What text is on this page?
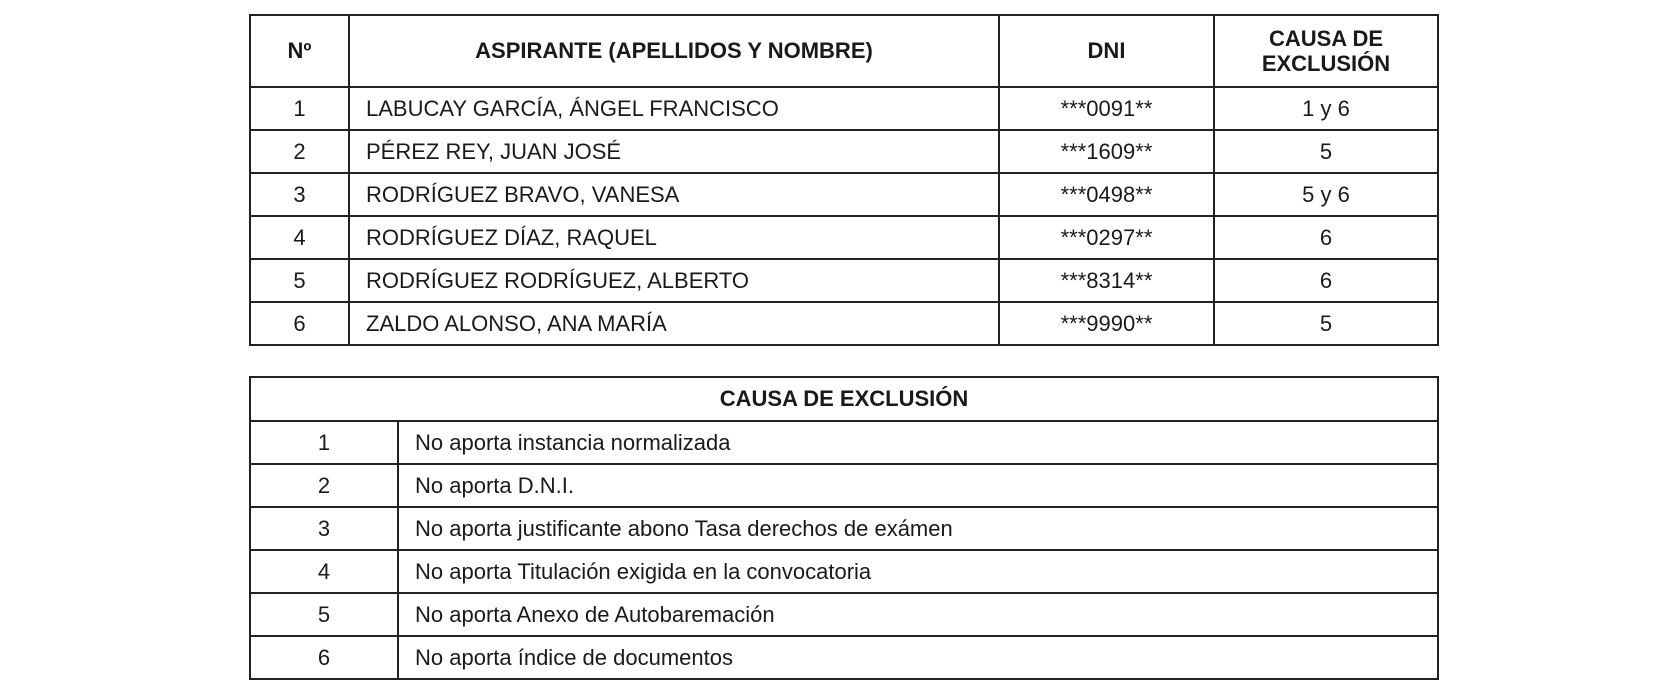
Nº	ASPIRANTE (APELLIDOS Y NOMBRE)	DNI	CAUSA DE EXCLUSIÓN
1	LABUCAY GARCÍA, ÁNGEL FRANCISCO	***0091**	1 y 6
2	PÉREZ REY, JUAN JOSÉ	***1609**	5
3	RODRÍGUEZ BRAVO, VANESA	***0498**	5 y 6
4	RODRÍGUEZ DÍAZ, RAQUEL	***0297**	6
5	RODRÍGUEZ RODRÍGUEZ, ALBERTO	***8314**	6
6	ZALDO ALONSO, ANA MARÍA	***9990**	5
CAUSA DE EXCLUSIÓN	
1	No aporta instancia normalizada
2	No aporta D.N.I.
3	No aporta justificante abono Tasa derechos de exámen
4	No aporta Titulación exigida en la convocatoria
5	No aporta Anexo de Autobaremación
6	No aporta índice de documentos
